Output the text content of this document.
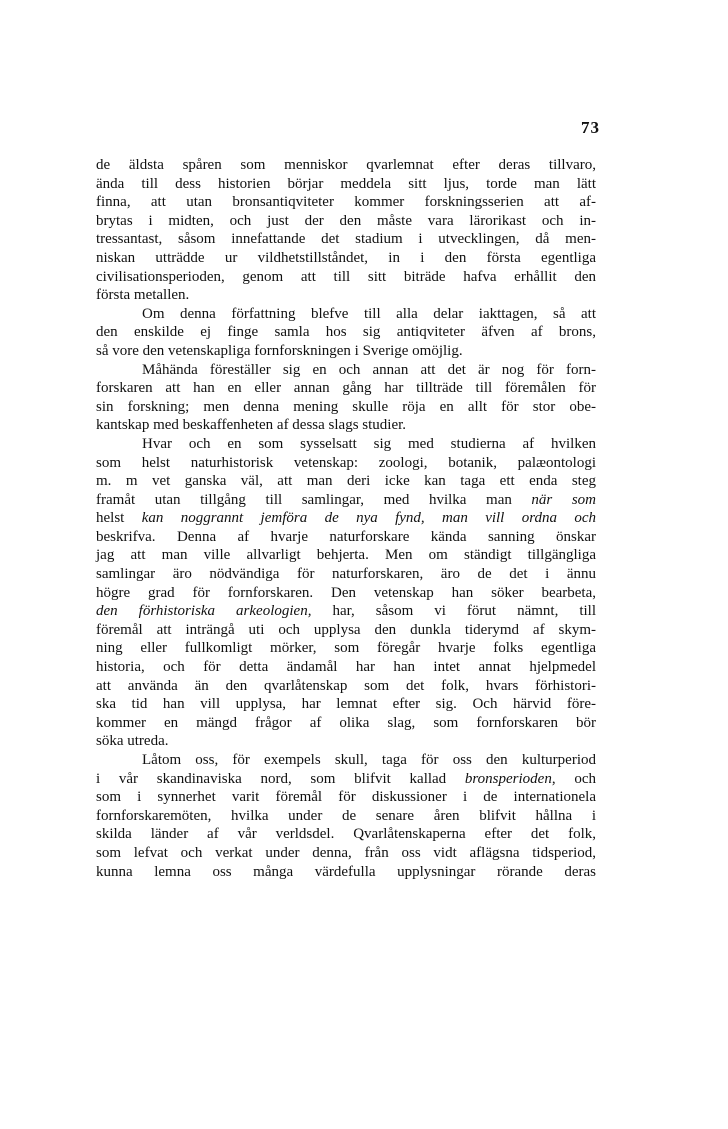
73
de äldsta spåren som menniskor qvarlemnat efter deras tillvaro,
ända till dess historien börjar meddela sitt ljus, torde man lätt
finna, att utan bronsantiqviteter kommer forskningsserien att af-
brytas i midten, och just der den måste vara lärorikast och in-
tressantast, såsom innefattande det stadium i utvecklingen, då men-
niskan utträdde ur vildhetstillståndet, in i den första egentliga
civilisationsperioden, genom att till sitt biträde hafva erhållit den
första metallen.
Om denna författning blefve till alla delar iakttagen, så att
den enskilde ej finge samla hos sig antiqviteter äfven af brons,
så vore den vetenskapliga fornforskningen i Sverige omöjlig.
Måhända föreställer sig en och annan att det är nog för forn-
forskaren att han en eller annan gång har tillträde till föremålen för
sin forskning; men denna mening skulle röja en allt för stor obe-
kantskap med beskaffenheten af dessa slags studier.
Hvar och en som sysselsatt sig med studierna af hvilken
som helst naturhistorisk vetenskap: zoologi, botanik, palæontologi
m. m vet ganska väl, att man deri icke kan taga ett enda steg
framåt utan tillgång till samlingar, med hvilka man när som
helst kan noggrannt jemföra de nya fynd, man vill ordna och
beskrifva. Denna af hvarje naturforskare kända sanning önskar
jag att man ville allvarligt behjerta. Men om ständigt tillgängliga
samlingar äro nödvändiga för naturforskaren, äro de det i ännu
högre grad för fornforskaren. Den vetenskap han söker bearbeta,
den förhistoriska arkeologien, har, såsom vi förut nämnt, till
föremål att inträngå uti och upplysa den dunkla tiderymd af skym-
ning eller fullkomligt mörker, som föregår hvarje folks egentliga
historia, och för detta ändamål har han intet annat hjelpmedel
att använda än den qvarlåtenskap som det folk, hvars förhistori-
ska tid han vill upplysa, har lemnat efter sig. Och härvid före-
kommer en mängd frågor af olika slag, som fornforskaren bör
söka utreda.
Låtom oss, för exempels skull, taga för oss den kulturperiod
i vår skandinaviska nord, som blifvit kallad bronsperioden, och
som i synnerhet varit föremål för diskussioner i de internationela
fornforskaremöten, hvilka under de senare åren blifvit hållna i
skilda länder af vår verldsdel. Qvarlåtenskaperna efter det folk,
som lefvat och verkat under denna, från oss vidt aflägsna tidsperiod,
kunna lemna oss många värdefulla upplysningar rörande deras
